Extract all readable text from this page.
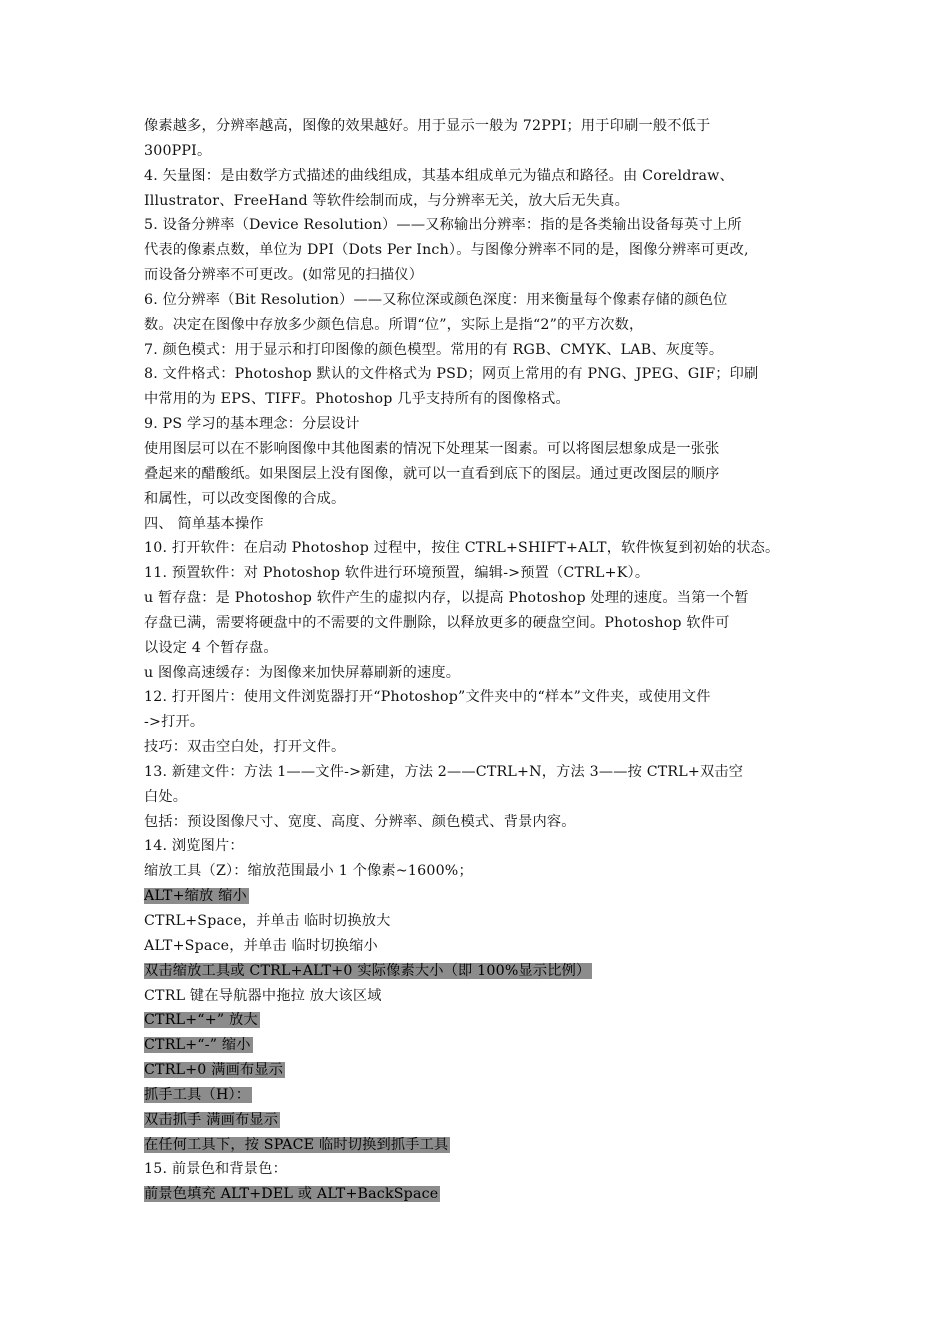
像素越多，分辨率越高，图像的效果越好。用于显示一般为 72PPI；用于印刷一般不低于
300PPI。
4. 矢量图：是由数学方式描述的曲线组成，其基本组成单元为锚点和路径。由 Coreldraw、
Illustrator、FreeHand 等软件绘制而成，与分辨率无关，放大后无失真。
5. 设备分辨率（Device Resolution）——又称输出分辨率：指的是各类输出设备每英寸上所
代表的像素点数，单位为 DPI（Dots Per Inch）。与图像分辨率不同的是，图像分辨率可更改,
而设备分辨率不可更改。(如常见的扫描仪）
6. 位分辨率（Bit Resolution）——又称位深或颜色深度：用来衡量每个像素存储的颜色位
数。决定在图像中存放多少颜色信息。所谓“位”，实际上是指“2”的平方次数，
7. 颜色模式：用于显示和打印图像的颜色模型。常用的有 RGB、CMYK、LAB、灰度等。
8. 文件格式：Photoshop 默认的文件格式为 PSD；网页上常用的有 PNG、JPEG、GIF；印刷
中常用的为 EPS、TIFF。Photoshop 几乎支持所有的图像格式。
9. PS 学习的基本理念：分层设计
使用图层可以在不影响图像中其他图素的情况下处理某一图素。可以将图层想象成是一张张
叠起来的醋酸纸。如果图层上没有图像，就可以一直看到底下的图层。通过更改图层的顺序
和属性，可以改变图像的合成。
四、 简单基本操作
10. 打开软件：在启动 Photoshop 过程中，按住 CTRL+SHIFT+ALT，软件恢复到初始的状态。
11. 预置软件：对 Photoshop 软件进行环境预置，编辑->预置（CTRL+K）。
u 暂存盘：是 Photoshop 软件产生的虚拟内存，以提高 Photoshop 处理的速度。当第一个暂
存盘已满，需要将硬盘中的不需要的文件删除，以释放更多的硬盘空间。Photoshop 软件可
以设定 4 个暂存盘。
u 图像高速缓存：为图像来加快屏幕刷新的速度。
12. 打开图片：使用文件浏览器打开“Photoshop”文件夹中的“样本”文件夹，或使用文件
->打开。
技巧：双击空白处，打开文件。
13. 新建文件：方法 1——文件->新建，方法 2——CTRL+N，方法 3——按 CTRL+双击空
白处。
包括：预设图像尺寸、宽度、高度、分辨率、颜色模式、背景内容。
14. 浏览图片：
缩放工具（Z）：缩放范围最小 1 个像素~1600%；
ALT+缩放 缩小
CTRL+Space，并单击 临时切换放大
ALT+Space，并单击 临时切换缩小
双击缩放工具或 CTRL+ALT+0 实际像素大小（即 100%显示比例）
CTRL 键在导航器中拖拉 放大该区域
CTRL+“+” 放大
CTRL+“-” 缩小
CTRL+0 满画布显示
抓手工具（H）：
双击抓手 满画布显示
在任何工具下，按 SPACE 临时切换到抓手工具
15. 前景色和背景色：
前景色填充 ALT+DEL 或 ALT+BackSpace
